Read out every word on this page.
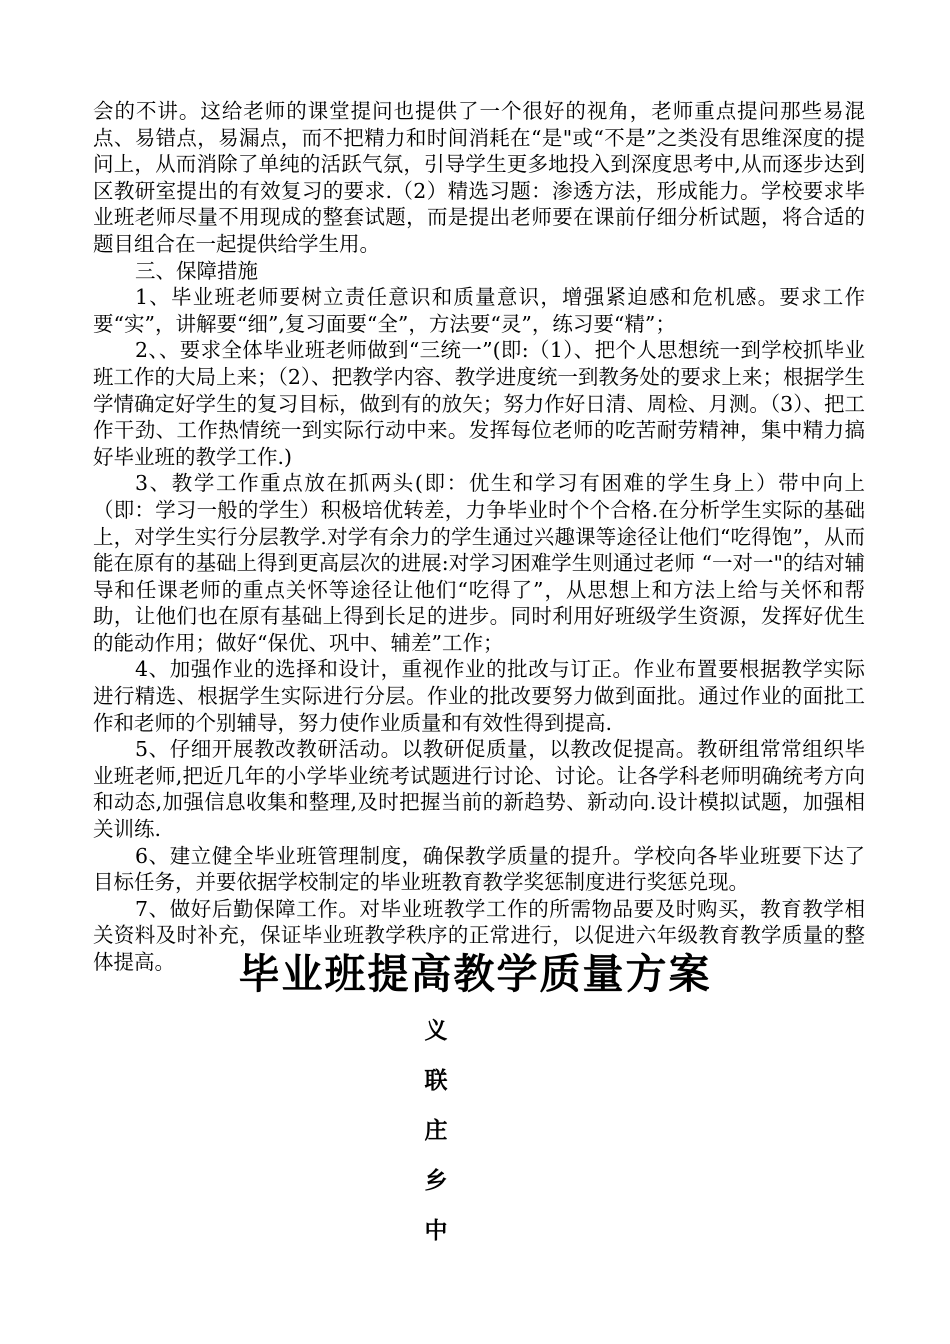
会的不讲。这给老师的课堂提问也提供了一个很好的视角，老师重点提问那些易混点、易错点，易漏点，而不把精力和时间消耗在“是"或“不是”之类没有思维深度的提问上，从而消除了单纯的活跃气氛，引导学生更多地投入到深度思考中,从而逐步达到区教研室提出的有效复习的要求.（2）精选习题：渗透方法，形成能力。学校要求毕业班老师尽量不用现成的整套试题，而是提出老师要在课前仔细分析试题，将合适的题目组合在一起提供给学生用。

三、保障措施

1、毕业班老师要树立责任意识和质量意识，增强紧迫感和危机感。要求工作要“实”，讲解要“细”,复习面要“全”，方法要“灵”，练习要“精”；

2、、要求全体毕业班老师做到“三统一”(即:（1）、把个人思想统一到学校抓毕业班工作的大局上来；（2）、把教学内容、教学进度统一到教务处的要求上来；根据学生学情确定好学生的复习目标，做到有的放矢；努力作好日清、周检、月测。（3）、把工作干劲、工作热情统一到实际行动中来。发挥每位老师的吃苦耐劳精神，集中精力搞好毕业班的教学工作.)

3、教学工作重点放在抓两头(即：优生和学习有困难的学生身上）带中向上（即：学习一般的学生）积极培优转差，力争毕业时个个合格.在分析学生实际的基础上，对学生实行分层教学.对学有余力的学生通过兴趣课等途径让他们“吃得饱”，从而能在原有的基础上得到更高层次的进展:对学习困难学生则通过老师 “一对一"的结对辅导和任课老师的重点关怀等途径让他们“吃得了”，从思想上和方法上给与关怀和帮助，让他们也在原有基础上得到长足的进步。同时利用好班级学生资源，发挥好优生的能动作用；做好“保优、巩中、辅差”工作；

4、加强作业的选择和设计，重视作业的批改与订正。作业布置要根据教学实际进行精选、根据学生实际进行分层。作业的批改要努力做到面批。通过作业的面批工作和老师的个别辅导，努力使作业质量和有效性得到提高.

5、仔细开展教改教研活动。以教研促质量，以教改促提高。教研组常常组织毕业班老师,把近几年的小学毕业统考试题进行讨论、讨论。让各学科老师明确统考方向和动态,加强信息收集和整理,及时把握当前的新趋势、新动向.设计模拟试题，加强相关训练.

6、建立健全毕业班管理制度，确保教学质量的提升。学校向各毕业班要下达了目标任务，并要依据学校制定的毕业班教育教学奖惩制度进行奖惩兑现。

7、做好后勤保障工作。对毕业班教学工作的所需物品要及时购买，教育教学相关资料及时补充，保证毕业班教学秩序的正常进行，以促进六年级教育教学质量的整体提高。	毕业班提高教学质量方案
义
联
庄
乡
中
